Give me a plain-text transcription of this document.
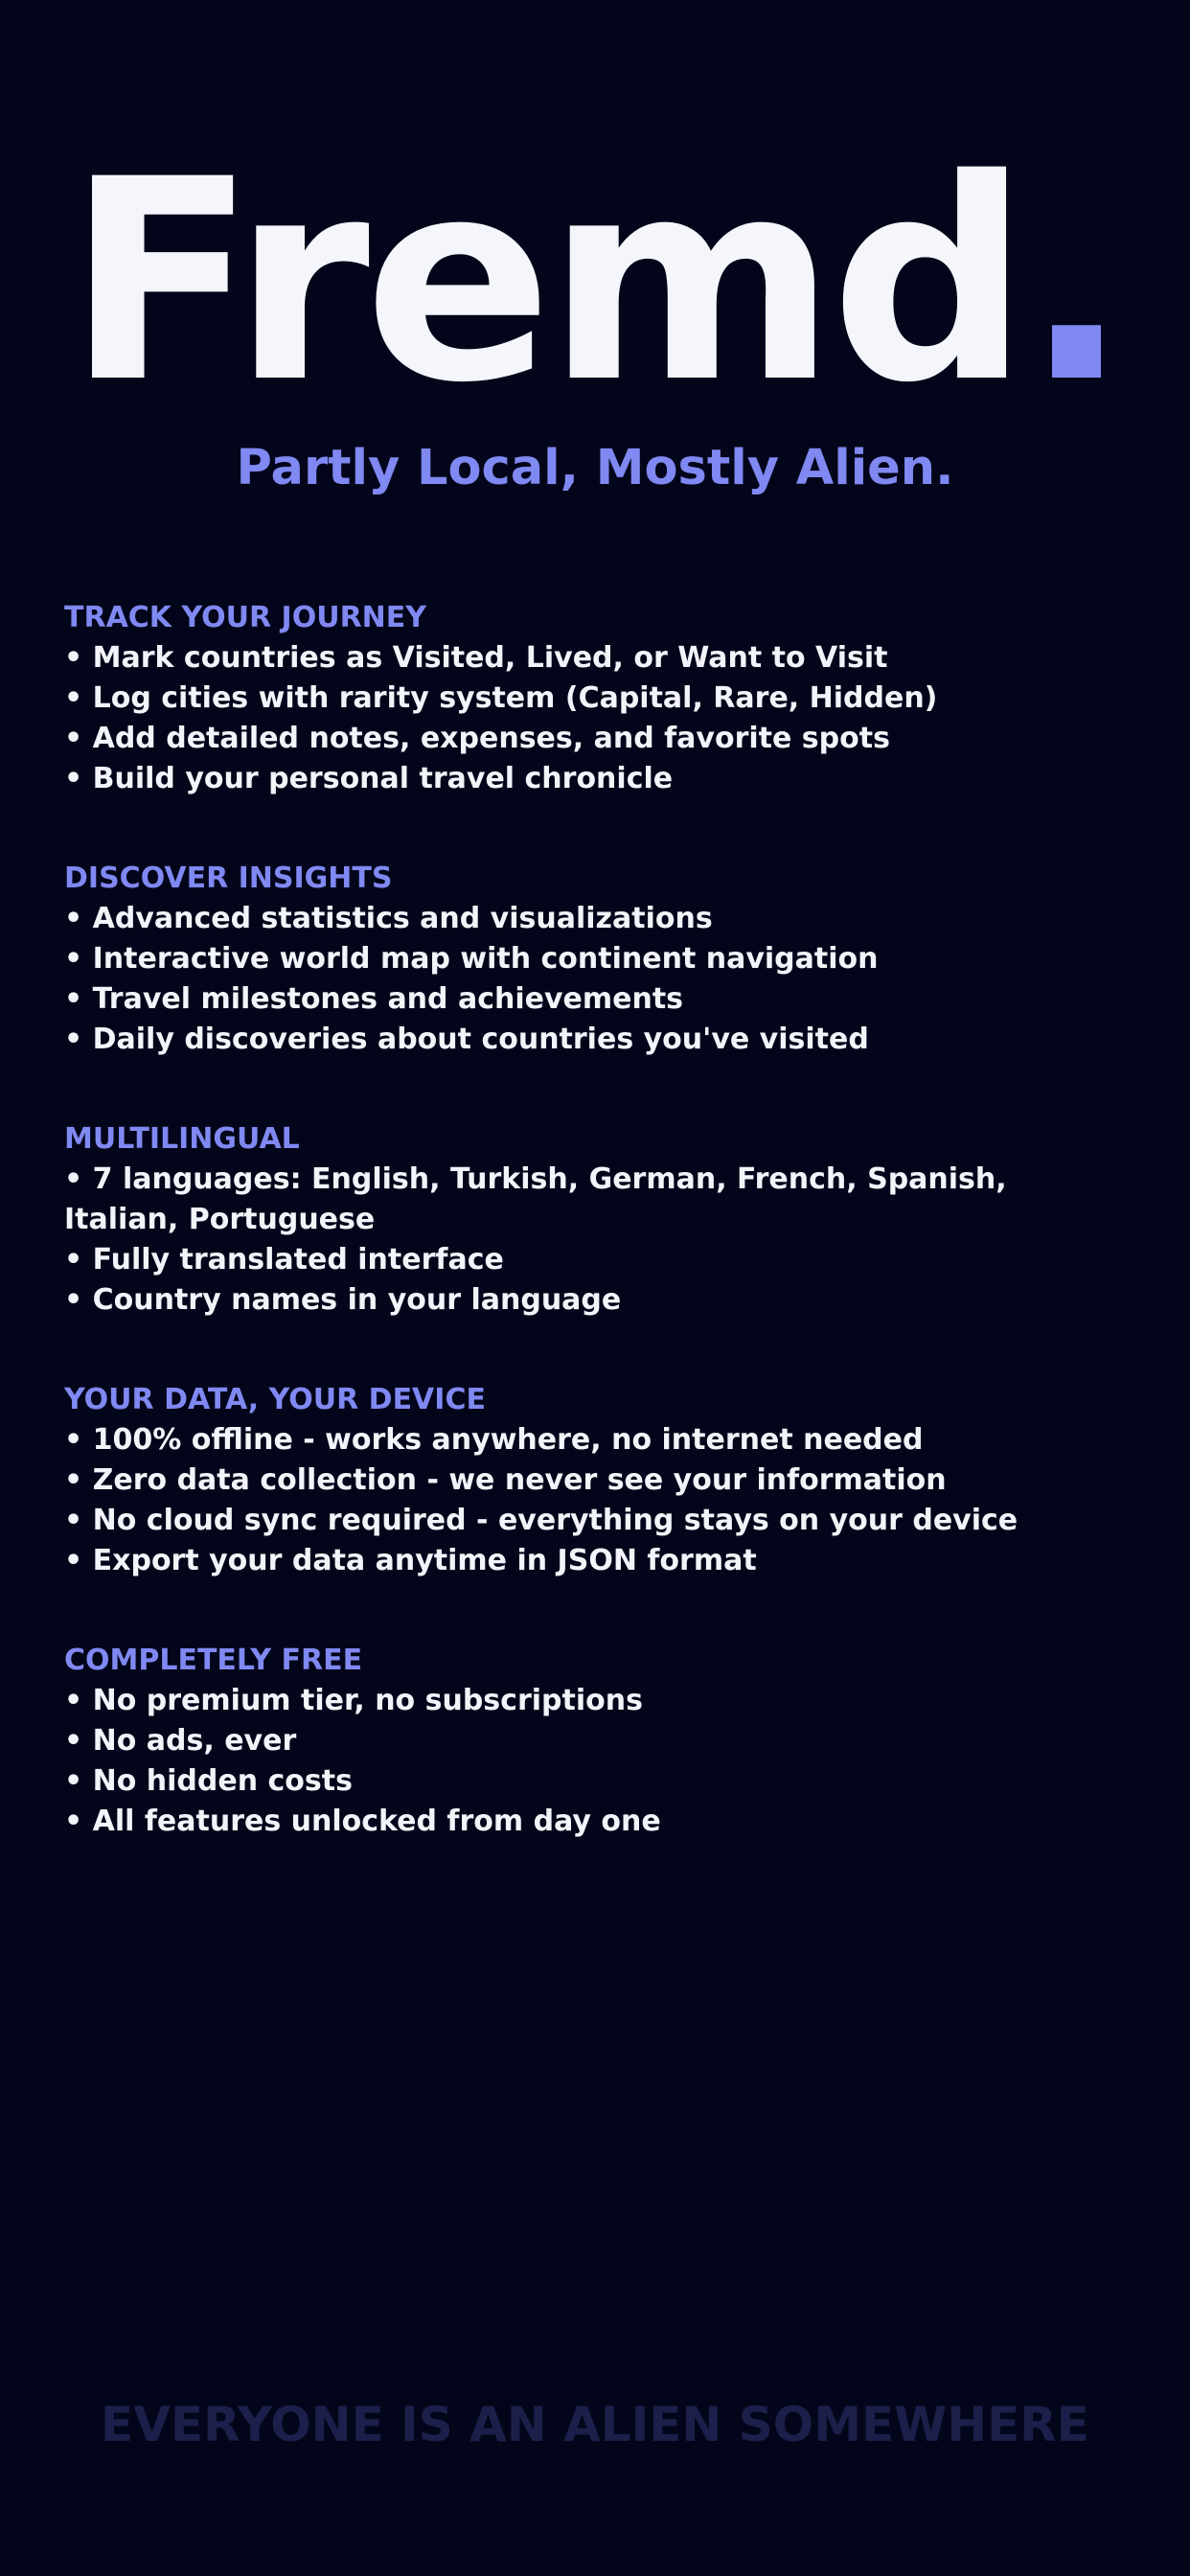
Fremd.
Partly Local, Mostly Alien.
TRACK YOUR JOURNEY
• Mark countries as Visited, Lived, or Want to Visit
• Log cities with rarity system (Capital, Rare, Hidden)
• Add detailed notes, expenses, and favorite spots
• Build your personal travel chronicle
DISCOVER INSIGHTS
• Advanced statistics and visualizations
• Interactive world map with continent navigation
• Travel milestones and achievements
• Daily discoveries about countries you've visited
MULTILINGUAL
• 7 languages: English, Turkish, German, French, Spanish, Italian, Portuguese
• Fully translated interface
• Country names in your language
YOUR DATA, YOUR DEVICE
• 100% offline - works anywhere, no internet needed
• Zero data collection - we never see your information
• No cloud sync required - everything stays on your device
• Export your data anytime in JSON format
COMPLETELY FREE
• No premium tier, no subscriptions
• No ads, ever
• No hidden costs
• All features unlocked from day one
EVERYONE IS AN ALIEN SOMEWHERE
